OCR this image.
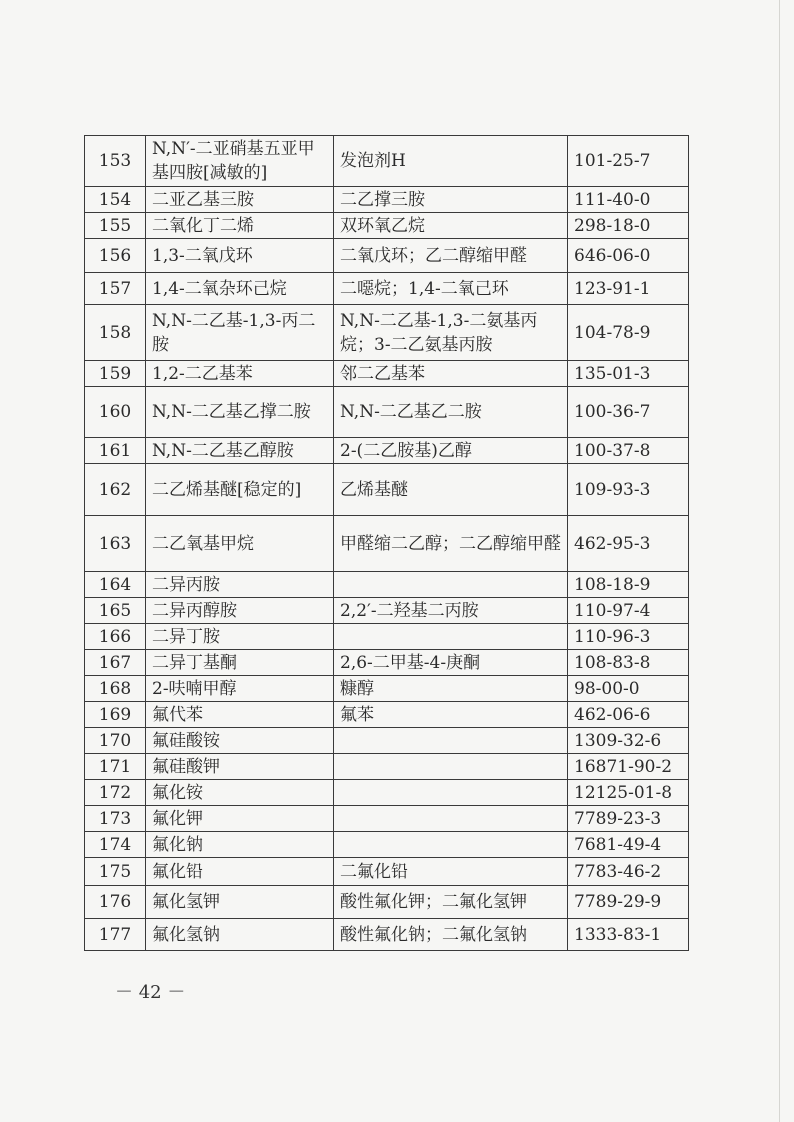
153	N,N′-二亚硝基五亚甲基四胺[减敏的]	发泡剂H	101-25-7
154	二亚乙基三胺	二乙撑三胺	111-40-0
155	二氧化丁二烯	双环氧乙烷	298-18-0
156	1,3-二氧戊环	二氧戊环；乙二醇缩甲醛	646-06-0
157	1,4-二氧杂环己烷	二噁烷；1,4-二氧己环	123-91-1
158	N,N-二乙基-1,3-丙二胺	N,N-二乙基-1,3-二氨基丙烷；3-二乙氨基丙胺	104-78-9
159	1,2-二乙基苯	邻二乙基苯	135-01-3
160	N,N-二乙基乙撑二胺	N,N-二乙基乙二胺	100-36-7
161	N,N-二乙基乙醇胺	2-(二乙胺基)乙醇	100-37-8
162	二乙烯基醚[稳定的]	乙烯基醚	109-93-3
163	二乙氧基甲烷	甲醛缩二乙醇；二乙醇缩甲醛	462-95-3
164	二异丙胺		108-18-9
165	二异丙醇胺	2,2′-二羟基二丙胺	110-97-4
166	二异丁胺		110-96-3
167	二异丁基酮	2,6-二甲基-4-庚酮	108-83-8
168	2-呋喃甲醇	糠醇	98-00-0
169	氟代苯	氟苯	462-06-6
170	氟硅酸铵		1309-32-6
171	氟硅酸钾		16871-90-2
172	氟化铵		12125-01-8
173	氟化钾		7789-23-3
174	氟化钠		7681-49-4
175	氟化铅	二氟化铅	7783-46-2
176	氟化氢钾	酸性氟化钾；二氟化氢钾	7789-29-9
177	氟化氢钠	酸性氟化钠；二氟化氢钠	1333-83-1
－ 42 －
